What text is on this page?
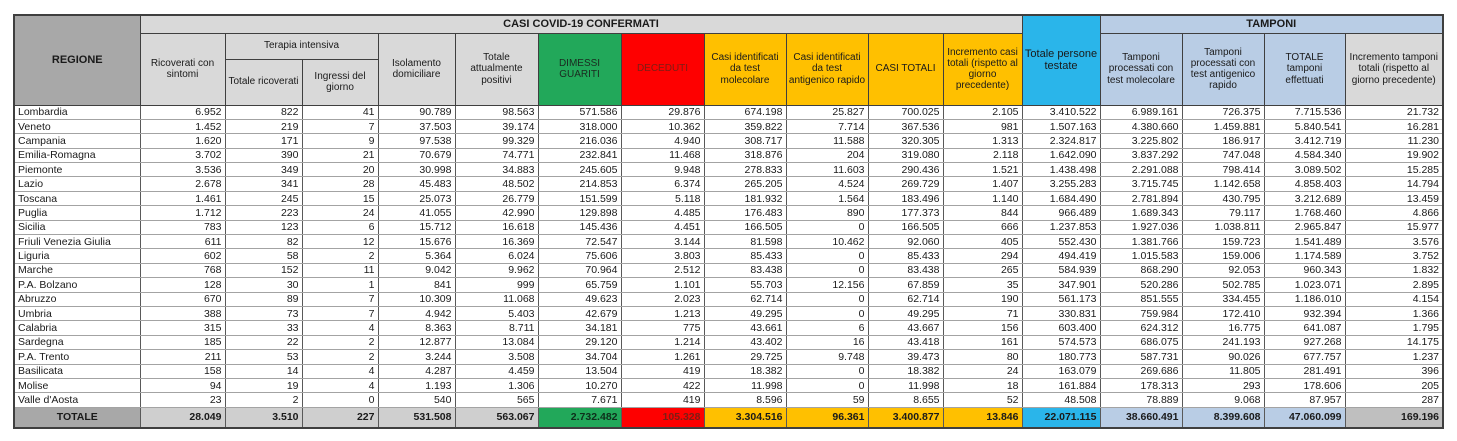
REGIONE	CASI COVID-19 CONFERMATI											Totale persone testate	TAMPONI			
	Ricoverati con sintomi	Terapia intensiva		Isolamento domiciliare	Totale attualmente positivi	DIMESSI GUARITI	DECEDUTI	Casi identificati da test molecolare	Casi identificati da test antigenico rapido	CASI TOTALI	Incremento casi totali (rispetto al giorno precedente)		Tamponi processati con test molecolare	Tamponi processati con test antigenico rapido	TOTALE tamponi effettuati	Incremento tamponi totali (rispetto al giorno precedente)
		Totale ricoverati	Ingressi del giorno													
Lombardia	6.952	822	41	90.789	98.563	571.586	29.876	674.198	25.827	700.025	2.105	3.410.522	6.989.161	726.375	7.715.536	21.732
Veneto	1.452	219	7	37.503	39.174	318.000	10.362	359.822	7.714	367.536	981	1.507.163	4.380.660	1.459.881	5.840.541	16.281
Campania	1.620	171	9	97.538	99.329	216.036	4.940	308.717	11.588	320.305	1.313	2.324.817	3.225.802	186.917	3.412.719	11.230
Emilia-Romagna	3.702	390	21	70.679	74.771	232.841	11.468	318.876	204	319.080	2.118	1.642.090	3.837.292	747.048	4.584.340	19.902
Piemonte	3.536	349	20	30.998	34.883	245.605	9.948	278.833	11.603	290.436	1.521	1.438.498	2.291.088	798.414	3.089.502	15.285
Lazio	2.678	341	28	45.483	48.502	214.853	6.374	265.205	4.524	269.729	1.407	3.255.283	3.715.745	1.142.658	4.858.403	14.794
Toscana	1.461	245	15	25.073	26.779	151.599	5.118	181.932	1.564	183.496	1.140	1.684.490	2.781.894	430.795	3.212.689	13.459
Puglia	1.712	223	24	41.055	42.990	129.898	4.485	176.483	890	177.373	844	966.489	1.689.343	79.117	1.768.460	4.866
Sicilia	783	123	6	15.712	16.618	145.436	4.451	166.505	0	166.505	666	1.237.853	1.927.036	1.038.811	2.965.847	15.977
Friuli Venezia Giulia	611	82	12	15.676	16.369	72.547	3.144	81.598	10.462	92.060	405	552.430	1.381.766	159.723	1.541.489	3.576
Liguria	602	58	2	5.364	6.024	75.606	3.803	85.433	0	85.433	294	494.419	1.015.583	159.006	1.174.589	3.752
Marche	768	152	11	9.042	9.962	70.964	2.512	83.438	0	83.438	265	584.939	868.290	92.053	960.343	1.832
P.A. Bolzano	128	30	1	841	999	65.759	1.101	55.703	12.156	67.859	35	347.901	520.286	502.785	1.023.071	2.895
Abruzzo	670	89	7	10.309	11.068	49.623	2.023	62.714	0	62.714	190	561.173	851.555	334.455	1.186.010	4.154
Umbria	388	73	7	4.942	5.403	42.679	1.213	49.295	0	49.295	71	330.831	759.984	172.410	932.394	1.366
Calabria	315	33	4	8.363	8.711	34.181	775	43.661	6	43.667	156	603.400	624.312	16.775	641.087	1.795
Sardegna	185	22	2	12.877	13.084	29.120	1.214	43.402	16	43.418	161	574.573	686.075	241.193	927.268	14.175
P.A. Trento	211	53	2	3.244	3.508	34.704	1.261	29.725	9.748	39.473	80	180.773	587.731	90.026	677.757	1.237
Basilicata	158	14	4	4.287	4.459	13.504	419	18.382	0	18.382	24	163.079	269.686	11.805	281.491	396
Molise	94	19	4	1.193	1.306	10.270	422	11.998	0	11.998	18	161.884	178.313	293	178.606	205
Valle d'Aosta	23	2	0	540	565	7.671	419	8.596	59	8.655	52	48.508	78.889	9.068	87.957	287
TOTALE	28.049	3.510	227	531.508	563.067	2.732.482	105.328	3.304.516	96.361	3.400.877	13.846	22.071.115	38.660.491	8.399.608	47.060.099	169.196
